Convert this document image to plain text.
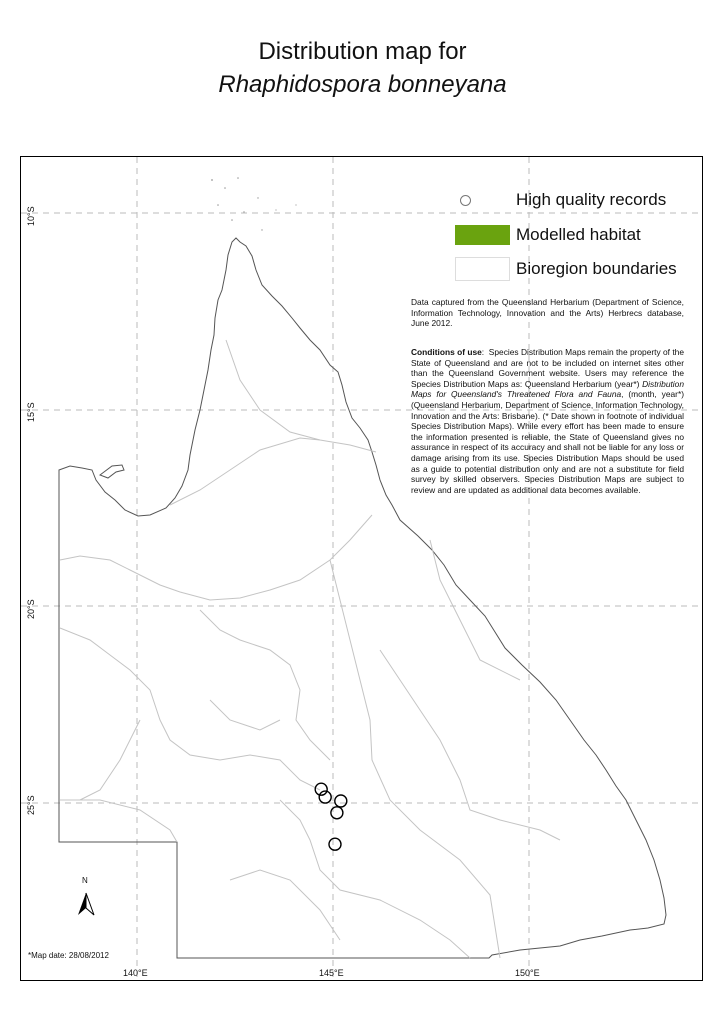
Distribution map for
Rhaphidospora bonneyana
High quality records
Modelled habitat
Bioregion boundaries
Data captured from the Queensland Herbarium (Department of Science, Information Technology, Innovation and the Arts) Herbrecs database, June 2012.
Conditions of use:  Species Distribution Maps remain the property of the State of Queensland and are not to be included on internet sites other than the Queensland Government website. Users may reference the Species Distribution Maps as: Queensland Herbarium (year*) Distribution Maps for Queensland's Threatened Flora and Fauna, (month, year*) (Queensland Herbarium, Department of Science, Information Technology, Innovation and the Arts: Brisbane). (* Date shown in footnote of individual Species Distribution Maps). While every effort has been made to ensure the information presented is reliable, the State of Queensland gives no assurance in respect of its accuracy and shall not be liable for any loss or damage arising from its use. Species Distribution Maps should be used as a guide to potential distribution only and are not a substitute for field survey by skilled observers. Species Distribution Maps are subject to review and are updated as additional data becomes available.
10°S
15°S
20°S
25°S
140°E	145°E	150°E
N
*Map date: 28/08/2012
